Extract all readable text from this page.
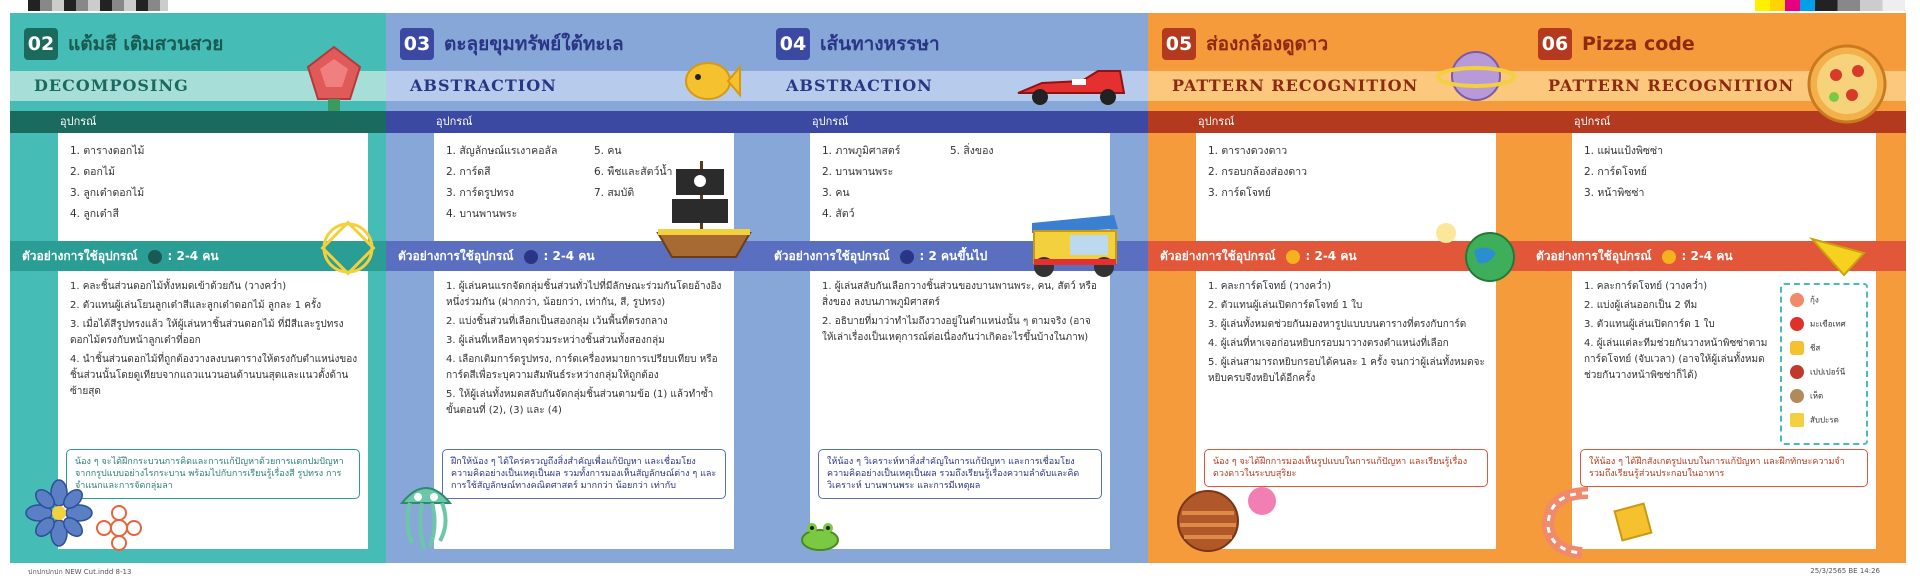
02 แต้มสี เติมสวนสวย
DECOMPOSING
อุปกรณ์
1. ตารางดอกไม้
2. ดอกไม้
3. ลูกเต๋าดอกไม้
4. ลูกเต๋าสี
ตัวอย่างการใช้อุปกรณ์	: 2-4 คน
1. คละชิ้นส่วนดอกไม้ทั้งหมดเข้าด้วยกัน (วางคว่ำ)
2. ตัวแทนผู้เล่นโยนลูกเต๋าสีและลูกเต๋าดอกไม้ ลูกละ 1 ครั้ง
3. เมื่อได้สีรูปทรงแล้ว ให้ผู้เล่นหาชิ้นส่วนดอกไม้ ที่มีสีและรูปทรงดอกไม้ตรงกับหน้าลูกเต๋าที่ออก
4. นำชิ้นส่วนดอกไม้ที่ถูกต้องวางลงบนตารางให้ตรงกับตำแหน่งของชิ้นส่วนนั้นโดยดูเทียบจากแถวแนวนอนด้านบนสุดและแนวตั้งด้านซ้ายสุด
น้อง ๆ จะได้ฝึกกระบวนการคิดและการแก้ปัญหาด้วยการแตกปมปัญหาจากกรูปแบบอย่างไรกระบาน พร้อมไปกับการเรียนรู้เรื่องสี รูปทรง การจำแนกและการจัดกลุ่มลา
03 ตะลุยขุมทรัพย์ใต้ทะเล
ABSTRACTION
อุปกรณ์
1. สัญลักษณ์แรเงาคอลัล
2. การ์ดสี
3. การ์ดรูปทรง
4. บานพานพระ
5. คน
6. พืชและสัตว์น้ำ
7. สมบัติ
ตัวอย่างการใช้อุปกรณ์	: 2-4 คน
1. ผู้เล่นคนแรกจัดกลุ่มชิ้นส่วนทั่วไปที่มีลักษณะร่วมกันโดยอ้างอิงหนึ่งร่วมกัน (ฝากกว่า, น้อยกว่า, เท่ากัน, สี, รูปทรง)
2. แบ่งชิ้นส่วนที่เลือกเป็นสองกลุ่ม เว้นพื้นที่ตรงกลาง
3. ผู้เล่นที่เหลือหาจุดร่วมระหว่างชิ้นส่วนทั้งสองกลุ่ม
4. เลือกเติมการ์ดรูปทรง, การ์ดเครื่องหมายการเปรียบเทียบ หรือการ์ดสีเพื่อระบุความสัมพันธ์ระหว่างกลุ่มให้ถูกต้อง
5. ให้ผู้เล่นทั้งหมดสลับกันจัดกลุ่มชิ้นส่วนตามข้อ (1) แล้วทำซ้ำขั้นตอนที่ (2), (3) และ (4)
ฝึกให้น้อง ๆ ได้ใคร่ครวญถึงสิ่งสำคัญเพื่อแก้ปัญหา และเชื่อมโยงความคิดอย่างเป็นเหตุเป็นผล รวมทั้งการมองเห็นสัญลักษณ์ต่าง ๆ และการใช้สัญลักษณ์ทางคณิตศาสตร์ มากกว่า น้อยกว่า เท่ากับ
04 เส้นทางหรรษา
ABSTRACTION
อุปกรณ์
1. ภาพภูมิศาสตร์
2. บานพานพระ
3. คน
4. สัตว์
5. สิ่งของ
ตัวอย่างการใช้อุปกรณ์	: 2 คนขึ้นไป
1. ผู้เล่นสลับกันเลือกวางชิ้นส่วนของบานพานพระ, คน, สัตว์ หรือสิ่งของ ลงบนภาพภูมิศาสตร์
2. อธิบายที่มาว่าทำไมถึงวางอยู่ในตำแหน่งนั้น ๆ ตามจริง (อาจให้เล่าเรื่องเป็นเหตุการณ์ต่อเนื่องกันว่าเกิดอะไรขึ้นบ้างในภาพ)
ให้น้อง ๆ วิเคราะห์หาสิ่งสำคัญในการแก้ปัญหา และการเชื่อมโยงความคิดอย่างเป็นเหตุเป็นผล รวมถึงเรียนรู้เรื่องความลำดับและคิดวิเคราะห์ บานพานพระ และการมีเหตุผล
05 ส่องกล้องดูดาว
PATTERN RECOGNITION
อุปกรณ์
1. ตารางดวงดาว
2. กรอบกล้องส่องดาว
3. การ์ดโจทย์
ตัวอย่างการใช้อุปกรณ์	: 2-4 คน
1. คละการ์ดโจทย์ (วางคว่ำ)
2. ตัวแทนผู้เล่นเปิดการ์ดโจทย์ 1 ใบ
3. ผู้เล่นทั้งหมดช่วยกันมองหารูปแบบบนตารางที่ตรงกับการ์ด
4. ผู้เล่นที่หาเจอก่อนหยิบกรอบมาวางตรงตำแหน่งที่เลือก
5. ผู้เล่นสามารถหยิบกรอบได้คนละ 1 ครั้ง จนกว่าผู้เล่นทั้งหมดจะหยิบครบจึงหยิบได้อีกครั้ง
น้อง ๆ จะได้ฝึกการมองเห็นรูปแบบในการแก้ปัญหา และเรียนรู้เรื่องดวงดาวในระบบสุริยะ
06 Pizza code
PATTERN RECOGNITION
อุปกรณ์
1. แผ่นแป้งพิซซ่า
2. การ์ดโจทย์
3. หน้าพิซซ่า
ตัวอย่างการใช้อุปกรณ์	: 2-4 คน
1. คละการ์ดโจทย์ (วางคว่ำ)
2. แบ่งผู้เล่นออกเป็น 2 ทีม
3. ตัวแทนผู้เล่นเปิดการ์ด 1 ใบ
4. ผู้เล่นแต่ละทีมช่วยกันวางหน้าพิซซ่าตามการ์ดโจทย์ (จับเวลา) (อาจให้ผู้เล่นทั้งหมดช่วยกันวางหน้าพิซซ่าก็ได้)
กุ้ง
มะเขือเทศ
ชีส
เปปเปอร์นี
เห็ด
สับปะรด
ให้น้อง ๆ ได้ฝึกสังเกตรูปแบบในการแก้ปัญหา และฝึกทักษะความจำ รวมถึงเรียนรู้ส่วนประกอบในอาหาร
ปกปกปกปก NEW Cut.indd 8-13	25/3/2565 BE 14:26
